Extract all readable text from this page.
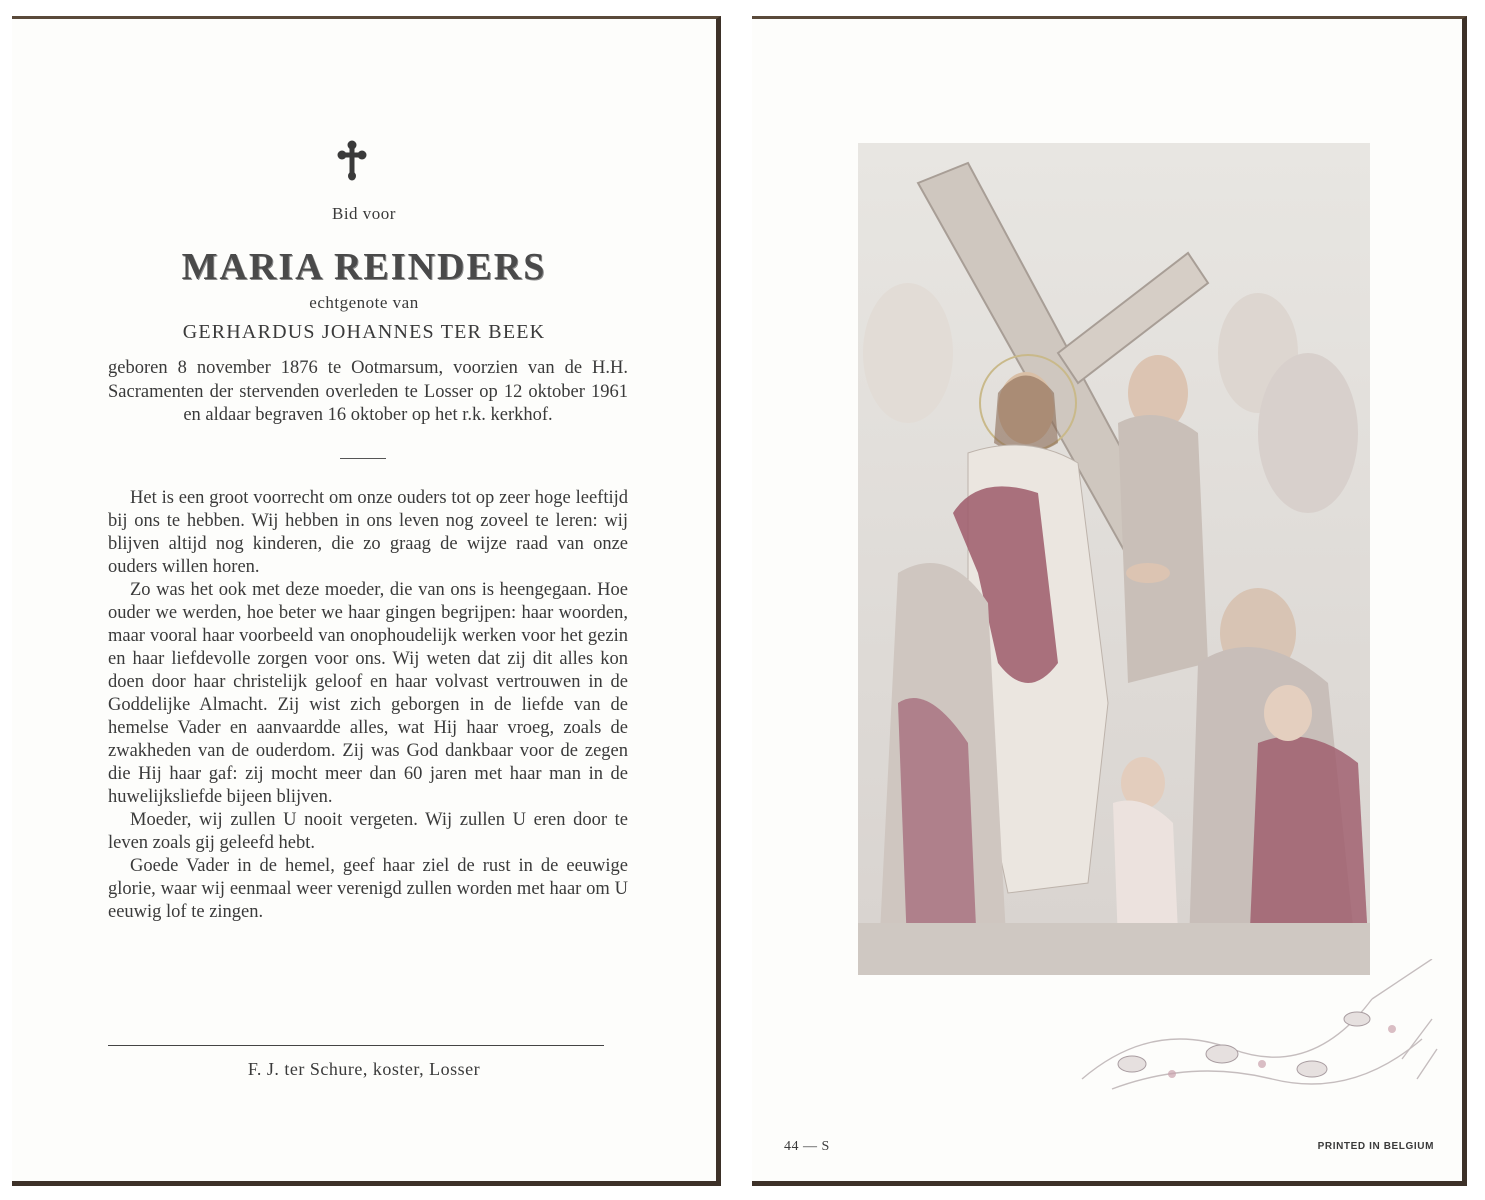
Bid voor
MARIA REINDERS
echtgenote van
GERHARDUS JOHANNES TER BEEK
geboren 8 november 1876 te Ootmarsum, voorzien van de H.H. Sacramenten der stervenden overleden te Losser op 12 oktober 1961 en aldaar begraven 16 oktober op het r.k. kerkhof.

Het is een groot voorrecht om onze ouders tot op zeer hoge leeftijd bij ons te hebben. Wij hebben in ons leven nog zoveel te leren: wij blijven altijd nog kinderen, die zo graag de wijze raad van onze ouders willen horen.

Zo was het ook met deze moeder, die van ons is heengegaan. Hoe ouder we werden, hoe beter we haar gingen begrijpen: haar woorden, maar vooral haar voorbeeld van onophoudelijk werken voor het gezin en haar liefdevolle zorgen voor ons. Wij weten dat zij dit alles kon doen door haar christelijk geloof en haar volvast vertrouwen in de Goddelijke Almacht. Zij wist zich geborgen in de liefde van de hemelse Vader en aanvaardde alles, wat Hij haar vroeg, zoals de zwakheden van de ouderdom. Zij was God dankbaar voor de zegen die Hij haar gaf: zij mocht meer dan 60 jaren met haar man in de huwelijksliefde bijeen blijven.

Moeder, wij zullen U nooit vergeten. Wij zullen U eren door te leven zoals gij geleefd hebt.

Goede Vader in de hemel, geef haar ziel de rust in de eeuwige glorie, waar wij eenmaal weer verenigd zullen worden met haar om U eeuwig lof te zingen.

F. J. ter Schure, koster, Losser
44 — S	PRINTED IN BELGIUM
